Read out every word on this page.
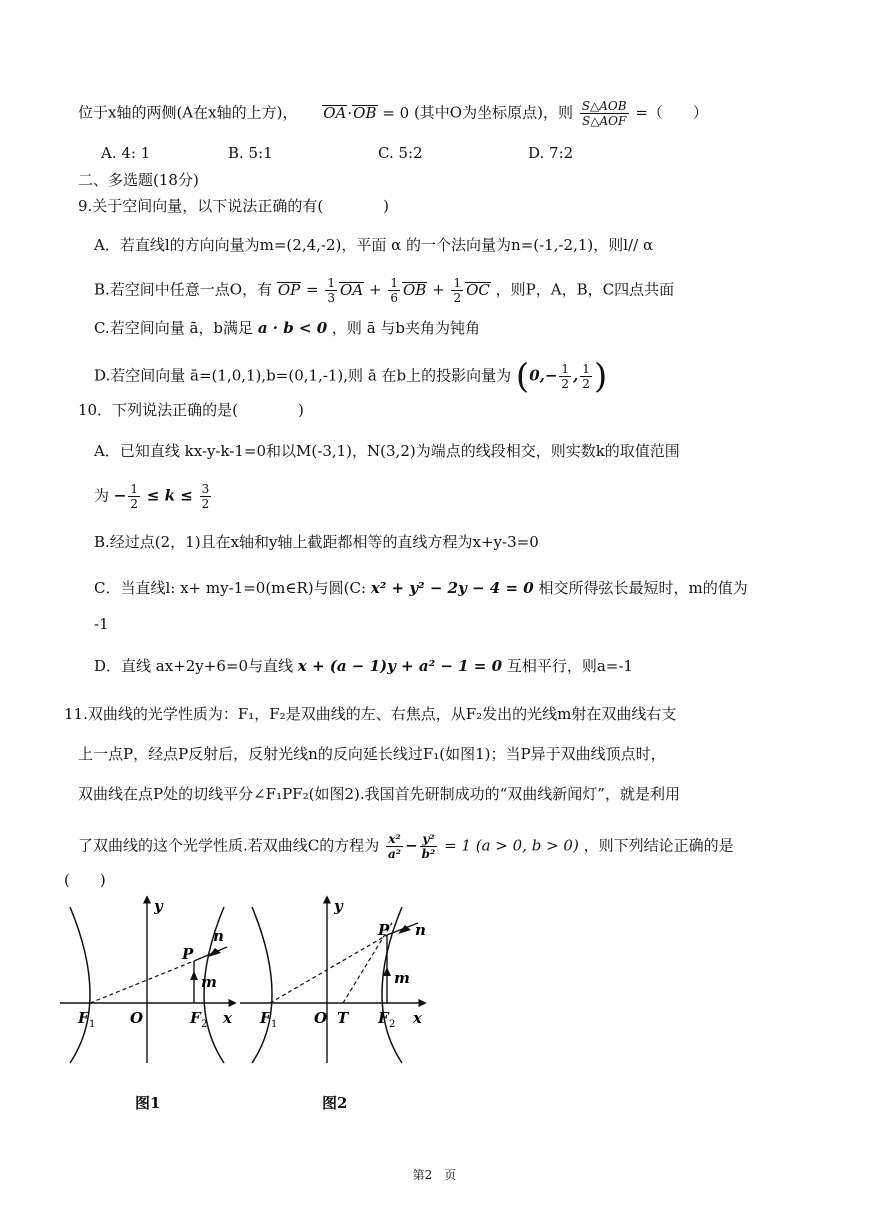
位于x轴的两侧(A在x轴的上方)， OA·OB = 0 (其中O为坐标原点)，则 $\frac{\text{S△AOB}}{\text{S△AOF}}$ =（　　）
A. 4: 1	B. 5:1	C. 5:2	D. 7:2
二、多选题(18分)
9.关于空间向量，以下说法正确的有(　　　　)
A．若直线l的方向向量为m=(2,4,-2)，平面 α 的一个法向量为n=(-1,-2,1)，则l// α
B.若空间中任意一点O，有 OP = $\frac{1}{3}$ OA + $\frac{1}{6}$ OB + $\frac{1}{2}$ OC ，则P，A，B，C四点共面
C.若空间向量 ā，b满足 a · b < 0 ，则 ā 与b夹角为钝角
D.若空间向量 ā=(1,0,1),b=(0,1,-1),则 ā 在b上的投影向量为 ($0,- \frac{1}{2}$ , $\frac{1}{2}$ )
10．下列说法正确的是(　　　　)
A．已知直线 kx-y-k-1=0和以M(-3,1)，N(3,2)为端点的线段相交，则实数k的取值范围
为 − $\frac{1}{2} \le k \le \frac{3}{2}$
B.经过点(2，1)且在x轴和y轴上截距都相等的直线方程为x+y-3=0
C．当直线l: x+ my-1=0(m∈R)与圆(C: x² + y² − 2y − 4 = 0 相交所得弦长最短时，m的值为
-1
D．直线 ax+2y+6=0与直线 x + (a − 1)y + a² − 1 = 0 互相平行，则a=-1
11.双曲线的光学性质为：F₁，F₂是双曲线的左、右焦点，从F₂发出的光线m射在双曲线右支
上一点P，经点P反射后，反射光线n的反向延长线过F₁(如图1)；当P异于双曲线顶点时，
双曲线在点P处的切线平分∠F₁PF₂(如图2).我国首先研制成功的“双曲线新闻灯”，就是利用
了双曲线的这个光学性质.若双曲线C的方程为 $\frac{\text{x²}}{\text{a²}} - \frac{\text{y²}}{\text{b²}} = 1$ (a > 0, b > 0) ，则下列结论正确的是
(　　)
P
n
m
F 1 O	F 2 x
y
图1
P n
m
F 1 O T F 2 x
y
图2
第2　页
